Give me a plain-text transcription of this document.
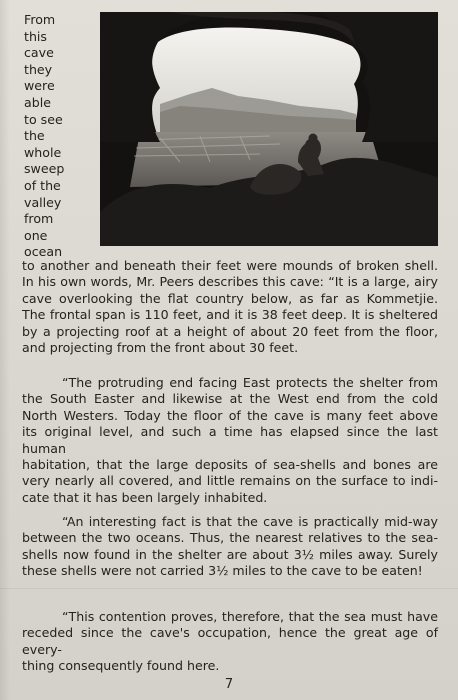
From
this
cave
they
were
able
to see
the
whole
sweep
of the
valley
from
one
ocean
to another and beneath their feet were mounds of broken shell.
In his own words, Mr. Peers describes this cave: “It is a large, airy
cave overlooking the flat country below, as far as Kommetjie.
The frontal span is 110 feet, and it is 38 feet deep. It is sheltered
by a projecting roof at a height of about 20 feet from the floor,
and projecting from the front about 30 feet.
“The protruding end facing East protects the shelter from
the South Easter and likewise at the West end from the cold
North Westers. Today the floor of the cave is many feet above
its original level, and such a time has elapsed since the last human
habitation, that the large deposits of sea-shells and bones are
very nearly all covered, and little remains on the surface to indi-
cate that it has been largely inhabited.
“An interesting fact is that the cave is practically mid-way
between the two oceans. Thus, the nearest relatives to the sea-
shells now found in the shelter are about 3½ miles away. Surely
these shells were not carried 3½ miles to the cave to be eaten!
“This contention proves, therefore, that the sea must have
receded since the cave's occupation, hence the great age of every-
thing consequently found here.
7
